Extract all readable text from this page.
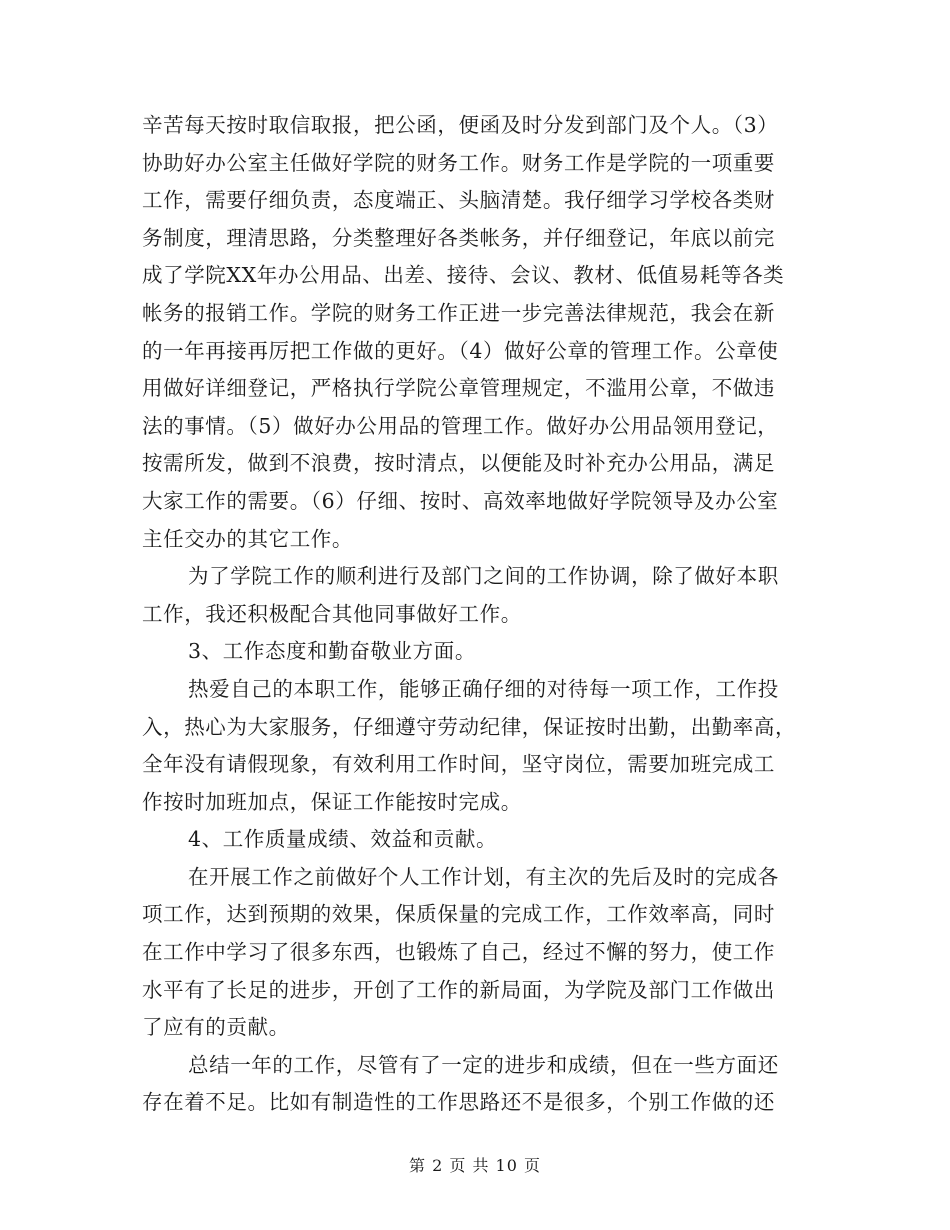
辛苦每天按时取信取报，把公函，便函及时分发到部门及个人。（3）
协助好办公室主任做好学院的财务工作。财务工作是学院的一项重要
工作，需要仔细负责，态度端正、头脑清楚。我仔细学习学校各类财
务制度，理清思路，分类整理好各类帐务，并仔细登记，年底以前完
成了学院XX年办公用品、出差、接待、会议、教材、低值易耗等各类
帐务的报销工作。学院的财务工作正进一步完善法律规范，我会在新
的一年再接再厉把工作做的更好。（4）做好公章的管理工作。公章使
用做好详细登记，严格执行学院公章管理规定，不滥用公章，不做违
法的事情。（5）做好办公用品的管理工作。做好办公用品领用登记，
按需所发，做到不浪费，按时清点，以便能及时补充办公用品，满足
大家工作的需要。（6）仔细、按时、高效率地做好学院领导及办公室
主任交办的其它工作。
为了学院工作的顺利进行及部门之间的工作协调，除了做好本职
工作，我还积极配合其他同事做好工作。
3、工作态度和勤奋敬业方面。
热爱自己的本职工作，能够正确仔细的对待每一项工作，工作投
入，热心为大家服务，仔细遵守劳动纪律，保证按时出勤，出勤率高，
全年没有请假现象，有效利用工作时间，坚守岗位，需要加班完成工
作按时加班加点，保证工作能按时完成。
4、工作质量成绩、效益和贡献。
在开展工作之前做好个人工作计划，有主次的先后及时的完成各
项工作，达到预期的效果，保质保量的完成工作，工作效率高，同时
在工作中学习了很多东西，也锻炼了自己，经过不懈的努力，使工作
水平有了长足的进步，开创了工作的新局面，为学院及部门工作做出
了应有的贡献。
总结一年的工作，尽管有了一定的进步和成绩，但在一些方面还
存在着不足。比如有制造性的工作思路还不是很多，个别工作做的还
第 2 页 共 10 页
